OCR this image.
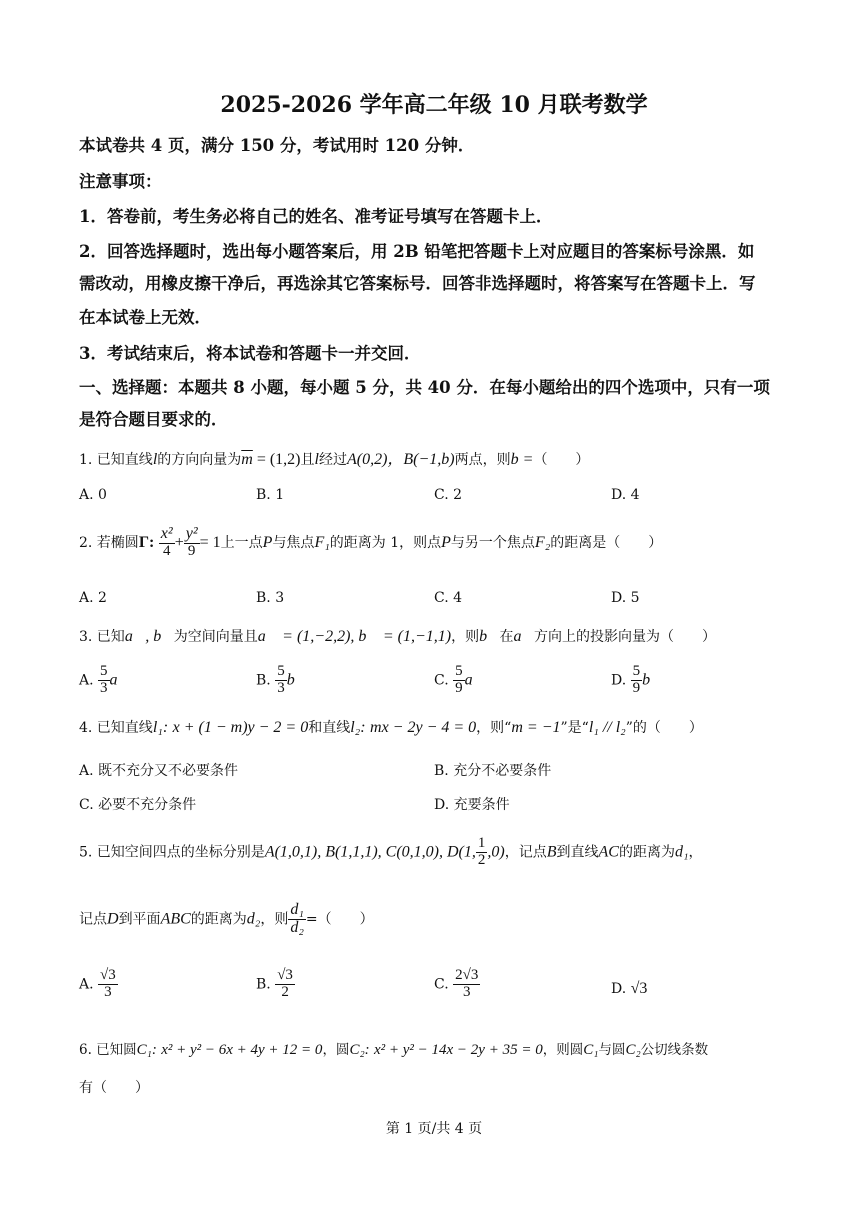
2025-2026 学年高二年级 10 月联考数学
本试卷共 4 页，满分 150 分，考试用时 120 分钟．
注意事项：
1．答卷前，考生务必将自己的姓名、准考证号填写在答题卡上．
2．回答选择题时，选出每小题答案后，用 2B 铅笔把答题卡上对应题目的答案标号涂黑．如
需改动，用橡皮擦干净后，再选涂其它答案标号．回答非选择题时，将答案写在答题卡上．写
在本试卷上无效．
3．考试结束后，将本试卷和答题卡一并交回．
一、选择题：本题共 8 小题，每小题 5 分，共 40 分．在每小题给出的四个选项中，只有一项
是符合题目要求的．
1. 已知直线l的方向向量为$\overline{m} = (1,2)$且l经过A(0,2)，B(−1,b)两点，则b =（　　）
A. 0	B. 1	C. 2	D. 4
2. 若椭圆Γ: $\frac{\text{x²}}{4} + \frac{\text{y²}}{9} = 1$上一点P与焦点F₁的距离为 1，则点P与另一个焦点F₂的距离是（　　）
A. 2	B. 3	C. 4	D. 5
3. 已知a⃗, b⃗为空间向量且a⃗ = (1,−2,2), b⃗ = (1,−1,1)，则b⃗在a⃗方向上的投影向量为（　　）
A. $\frac{5}{3}$ a⃗	B. $\frac{5}{3}$ b⃗	C. $\frac{5}{9}$ a⃗	D. $\frac{5}{9}$ b⃗
4. 已知直线l₁: x + (1 − m)y − 2 = 0和直线l₂: mx − 2y − 4 = 0，则“m = −1”是“l₁ // l₂”的（　　）
A. 既不充分又不必要条件	B. 充分不必要条件
C. 必要不充分条件	D. 充要条件
5. 已知空间四点的坐标分别是A(1,0,1), B(1,1,1), C(0,1,0), D(1, $\frac{1}{2} ,0$)，记点B到直线AC的距离为d₁，
记点D到平面ABC的距离为d₂，则 $\frac{\text{d₁}}{\text{d₂}}$ =（　　）
A. $\frac{√3}{3}$	B. $\frac{√3}{2}$	C. $\frac{2√3}{3}$	D. √3
6. 已知圆C₁: x² + y² − 6x + 4y + 12 = 0，圆C₂: x² + y² − 14x − 2y + 35 = 0，则圆C₁与圆C₂公切线条数
有（　　）
第 1 页/共 4 页
